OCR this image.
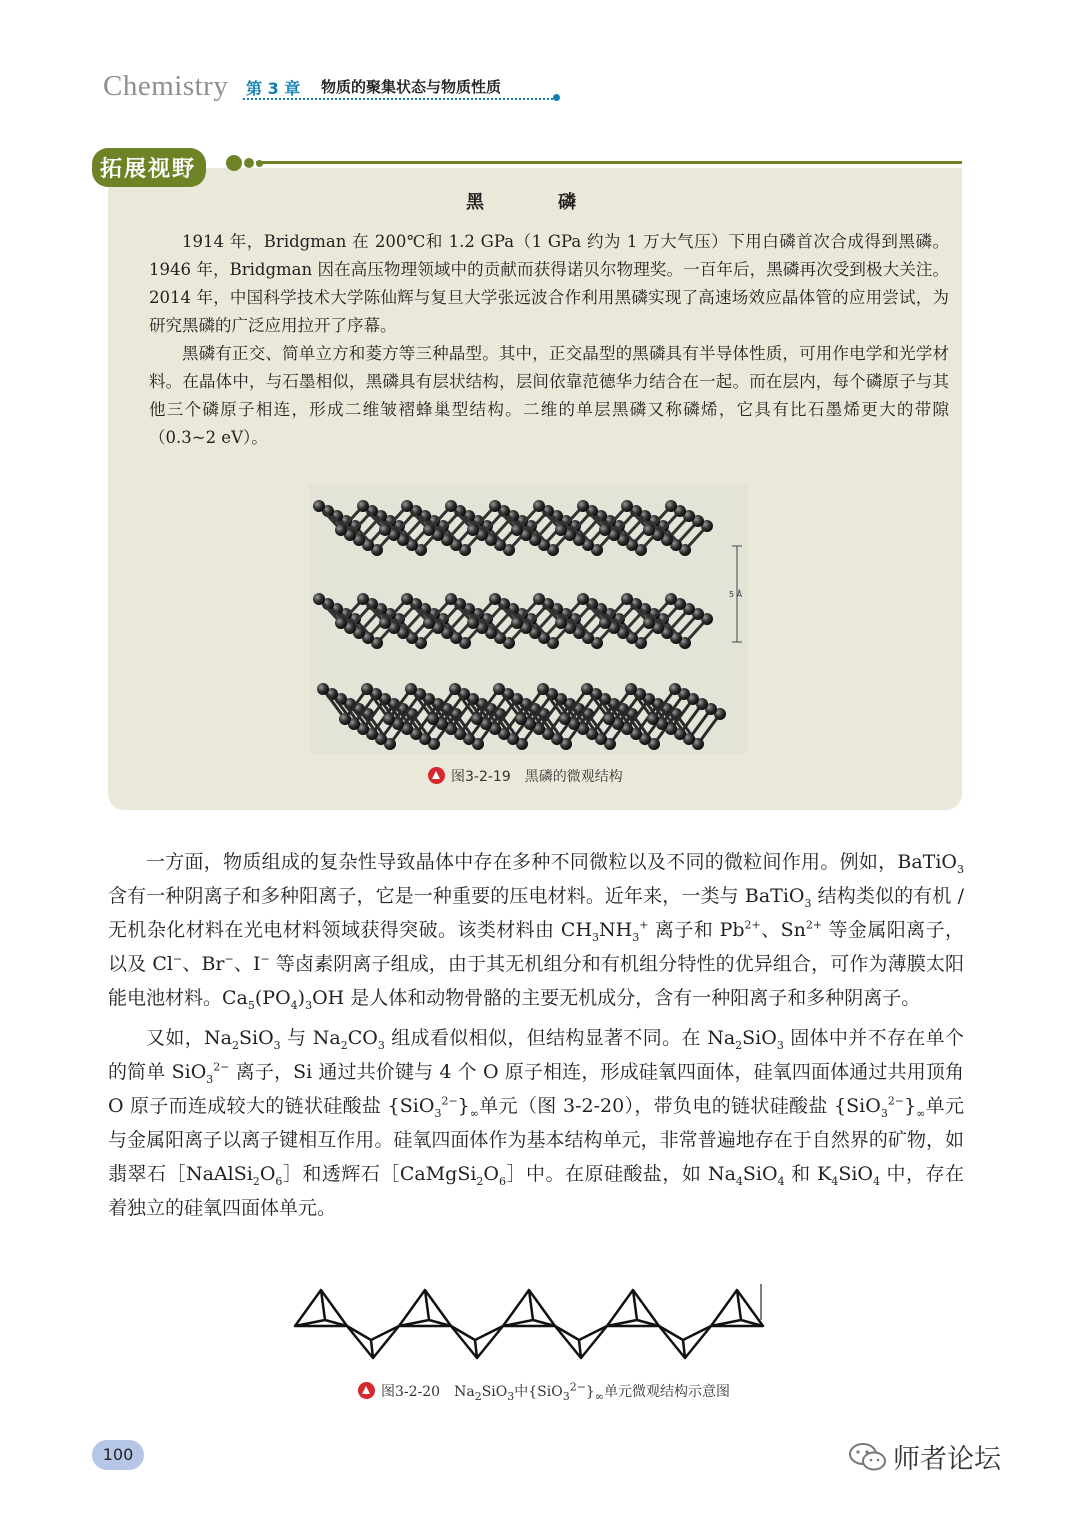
Chemistry 第 3 章 物质的聚集状态与物质性质
黑　磷

1914 年，Bridgman 在 200℃和 1.2 GPa（1 GPa 约为 1 万大气压）下用白磷首次合成得到黑磷。1946 年，Bridgman 因在高压物理领域中的贡献而获得诺贝尔物理奖。一百年后，黑磷再次受到极大关注。2014 年，中国科学技术大学陈仙辉与复旦大学张远波合作利用黑磷实现了高速场效应晶体管的应用尝试，为研究黑磷的广泛应用拉开了序幕。

黑磷有正交、简单立方和菱方等三种晶型。其中，正交晶型的黑磷具有半导体性质，可用作电学和光学材料。在晶体中，与石墨相似，黑磷具有层状结构，层间依靠范德华力结合在一起。而在层内，每个磷原子与其他三个磷原子相连，形成二维皱褶蜂巢型结构。二维的单层黑磷又称磷烯，它具有比石墨烯更大的带隙（0.3~2 eV）。

拓展视野
5 Å
图3-2-19　黑磷的微观结构

一方面，物质组成的复杂性导致晶体中存在多种不同微粒以及不同的微粒间作用。例如，BaTiO$_3$ 含有一种阴离子和多种阳离子，它是一种重要的压电材料。近年来，一类与 BaTiO$_3$ 结构类似的有机 / 无机杂化材料在光电材料领域获得突破。该类材料由 $CH_3NH_3^+$ 离子和 $Pb^{2+}$、$Sn^{2+}$ 等金属阳离子，以及 Cl−、Br−、I− 等卤素阴离子组成，由于其无机组分和有机组分特性的优异组合，可作为薄膜太阳能电池材料。$Ca_5(PO_4)_3OH$ 是人体和动物骨骼的主要无机成分，含有一种阳离子和多种阴离子。

又如，$Na_2SiO_3$ 与 $Na_2CO_3$ 组成看似相似，但结构显著不同。在 $Na_2SiO_3$ 固体中并不存在单个的简单 SiO$_3^{2-}$ 离子，Si 通过共价键与 4 个 O 原子相连，形成硅氧四面体，硅氧四面体通过共用顶角 O 原子而连成较大的链状硅酸盐 $\{SiO_3^{2-}\}_\infty$单元（图 3-2-20），带负电的链状硅酸盐 $\{SiO_3^{2-}\}_\infty$单元与金属阳离子以离子键相互作用。硅氧四面体作为基本结构单元，非常普遍地存在于自然界的矿物，如翡翠石$[NaAlSi_2O_6]$和透辉石$[CaMgSi_2O_6]$中。在原硅酸盐，如 $Na_4SiO_4$ 和 $K_4SiO_4$ 中，存在着独立的硅氧四面体单元。

图3-2-20　$Na_2SiO_3$中$\{SiO_3^{2-}\}_\infty$单元微观结构示意图
100	师者论坛
